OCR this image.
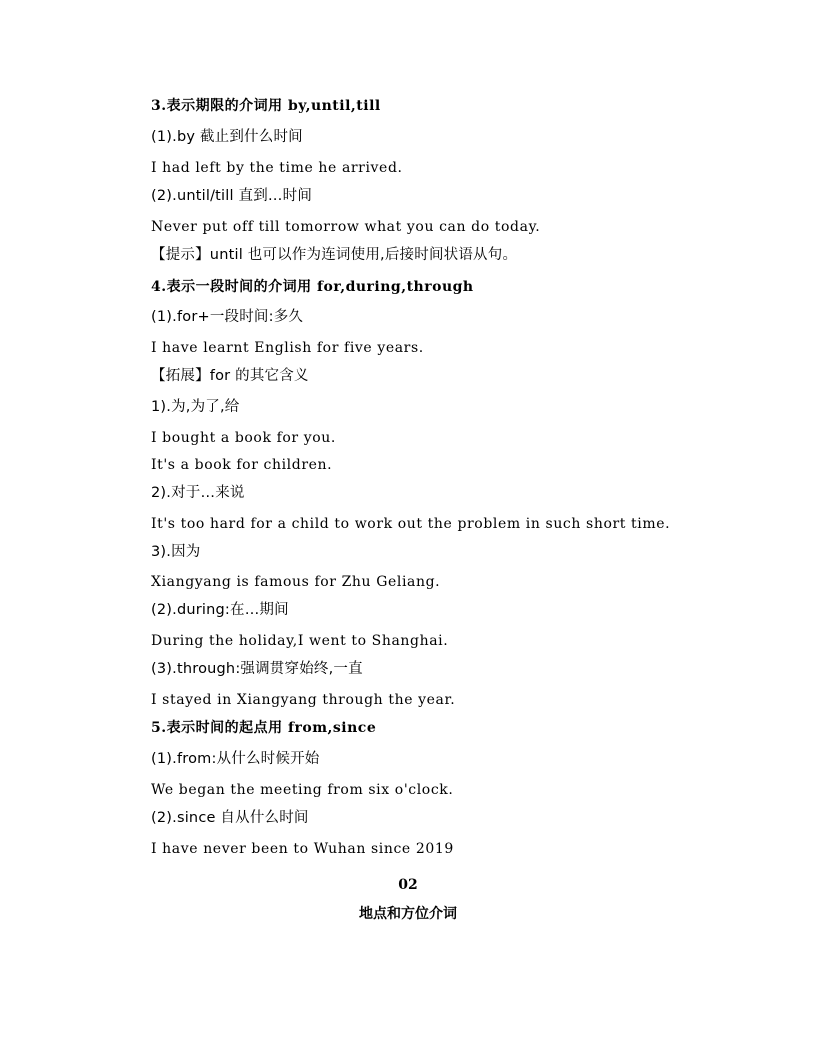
3.表示期限的介词用 by,until,till
(1).by 截止到什么时间
I had left by the time he arrived.
(2).until/till 直到…时间
Never put off till tomorrow what you can do today.
【提示】until 也可以作为连词使用,后接时间状语从句。
4.表示一段时间的介词用 for,during,through
(1).for+一段时间:多久
I have learnt English for five years.
【拓展】for 的其它含义
1).为,为了,给
I bought a book for you.
It's a book for children.
2).对于…来说
It's too hard for a child to work out the problem in such short time.
3).因为
Xiangyang is famous for Zhu Geliang.
(2).during:在…期间
During the holiday,I went to Shanghai.
(3).through:强调贯穿始终,一直
I stayed in Xiangyang through the year.
5.表示时间的起点用 from,since
(1).from:从什么时候开始
We began the meeting from six o'clock.
(2).since 自从什么时间
I have never been to Wuhan since 2019
02
地点和方位介词
